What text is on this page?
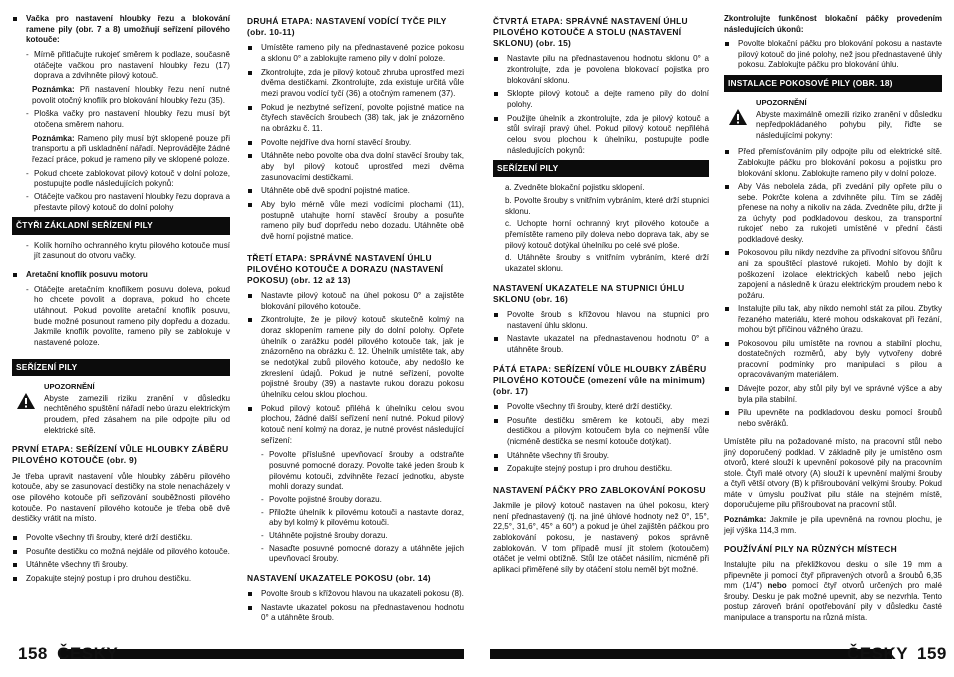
Vačka pro nastavení hloubky řezu a blokování ramene pily (obr. 7 a 8) umožňují seřízení pilového kotouče:
- Mírně přitlačujte rukojeť směrem k podlaze, současně otáčejte vačkou pro nastavení hloubky řezu (17) doprava a zdvihněte pilový kotouč.
Poznámka: Při nastavení hloubky řezu není nutné povolit otočný knoflík pro blokování hloubky řezu (35).
- Ploška vačky pro nastavení hloubky řezu musí být otočena směrem nahoru.
Poznámka: Rameno pily musí být sklopené pouze při transportu a při uskladnění nářadí. Neprovádějte žádné řezací práce, pokud je rameno pily ve sklopené poloze.
- Pokud chcete zablokovat pilový kotouč v dolní poloze, postupujte podle následujících pokynů:
- Otáčejte vačkou pro nastavení hloubky řezu doprava a přestavte pilový kotouč do dolní polohy
ČTYŘI ZÁKLADNÍ SEŘÍZENÍ PILY
- Kolík horního ochranného krytu pilového kotouče musí jít zasunout do otvoru vačky.
Aretační knoflík posuvu motoru
- Otáčejte aretačním knoflíkem posuvu doleva, pokud ho chcete povolit a doprava, pokud ho chcete utáhnout. Pokud povolíte aretační knoflík posuvu, bude možné posunout rameno pily dopředu a dozadu. Jakmile knoflík povolíte, rameno pily se zablokuje v nastavené poloze.
SEŘÍZENÍ PILY
UPOZORNĚNÍ
Abyste zamezili riziku zranění v důsledku nechtěného spuštění nářadí nebo úrazu elektrickým proudem, před zásahem na pile odpojte pilu od elektrické sítě.
PRVNÍ ETAPA: SEŘÍZENÍ VŮLE HLOUBKY ZÁBĚRU PILOVÉHO KOTOUČE (obr. 9)
Je třeba upravit nastavení vůle hloubky záběru pilového kotouče, aby se zasunovací destičky na stole nenacházely v ose pilového kotouče při seřizování souběžnosti pilového kotouče. Po nastavení pilového kotouče je třeba obě dvě destičky vrátit na místo.
Povolte všechny tři šrouby, které drží destičku.
Posuňte destičku co možná nejdále od pilového kotouče.
Utáhněte všechny tři šrouby.
Zopakujte stejný postup i pro druhou destičku.
DRUHÁ ETAPA: NASTAVENÍ VODÍCÍ TYČE PILY (obr. 10-11)
Umístěte rameno pily na přednastavené pozice pokosu a sklonu 0° a zablokujte rameno pily v dolní poloze.
Zkontrolujte, zda je pilový kotouč zhruba uprostřed mezi dvěma destičkami. Zkontrolujte, zda existuje určitá vůle mezi pravou vodící tyčí (36) a otočným ramenem (37).
Pokud je nezbytné seřízení, povolte pojistné matice na čtyřech stavěcích šroubech (38) tak, jak je znázorněno na obrázku č. 11.
Povolte nejdříve dva horní stavěcí šrouby.
Utáhněte nebo povolte oba dva dolní stavěcí šrouby tak, aby byl pilový kotouč uprostřed mezi dvěma zasunovacími destičkami.
Utáhněte obě dvě spodní pojistné matice.
Aby bylo mérně vůle mezi vodícími plochami (11), postupně utahujte horní stavěcí šrouby a posuňte rameno pily buď doprředu nebo dozadu. Utáhněte obě dvě horní pojistné matice.
TŘETÍ ETAPA: SPRÁVNÉ NASTAVENÍ ÚHLU PILOVÉHO KOTOUČE A DORAZU (NASTAVENÍ POKOSU) (obr. 12 až 13)
Nastavte pilový kotouč na úhel pokosu 0° a zajistěte blokování pilového kotouče.
Zkontrolujte, že je pilový kotouč skutečně kolmý na doraz sklopením ramene pily do dolní polohy. Opřete úhelník o zarážku podél pilového kotouče tak, jak je znázorněno na obrázku č. 12. Úhelník umístěte tak, aby se nedotýkal zubů pilového kotouče, aby nedošlo ke zkreslení údajů. Pokud je nutné seřízení, povolte pojistné šrouby (39) a nastavte rukou dorazu pokosu úhelníku celou sklou plochou.
Pokud pilový kotouč přiléhá k úhelníku celou svou plochou, žádné další seřízení není nutné. Pokud pilový kotouč není kolmý na doraz, je nutné provést následující seřízení:
- Povolte příslušné upevňovací šrouby a odstraňte posuvné pomocné dorazy. Povolte také jeden šroub k pilovému kotouči, zdvihněte řezací jednotku, abyste mohli dorazy sundat.
- Povolte pojistné šrouby dorazu.
- Přiložte úhelník k pilovému kotouči a nastavte doraz, aby byl kolmý k pilovému kotouči.
- Utáhněte pojistné šrouby dorazu.
- Nasaďte posuvné pomocné dorazy a utáhněte jejich upevňovací šrouby.
NASTAVENÍ UKAZATELE POKOSU (obr. 14)
Povolte šroub s křížovou hlavou na ukazateli pokosu (8).
Nastavte ukazatel pokosu na přednastavenou hodnotu 0° a utáhněte šroub.
158 ČESKY
ČTVRTÁ ETAPA: SPRÁVNÉ NASTAVENÍ ÚHLU PILOVÉHO KOTOUČE A STOLU (NASTAVENÍ SKLONU) (obr. 15)
Nastavte pilu na přednastavenou hodnotu sklonu 0° a zkontrolujte, zda je povolena blokovací pojistka pro blokování sklonu.
Sklopte pilový kotouč a dejte rameno pily do dolní polohy.
Použijte úhelník a zkontrolujte, zda je pilový kotouč a stůl svírají pravý úhel. Pokud pilový kotouč nepřiléhá celou svou plochou k úhelníku, postupujte podle následujících pokynů:
SEŘÍZENÍ PILY
a. Zvedněte blokační pojistku sklopení.
b. Povolte šrouby s vnitřním vybráním, které drží stupnici sklonu.
c. Uchopte horní ochranný kryt pilového kotouče a přemístěte rameno pily doleva nebo doprava tak, aby se pilový kotouč dotýkal úhelníku po celé své ploše.
d. Utáhněte šrouby s vnitřním vybráním, které drží ukazatel sklonu.
NASTAVENÍ UKAZATELE NA STUPNICI ÚHLU SKLONU (obr. 16)
Povolte šroub s křížovou hlavou na stupnici pro nastavení úhlu sklonu.
Nastavte ukazatel na přednastavenou hodnotu 0° a utáhněte šroub.
PÁTÁ ETAPA: SEŘÍZENÍ VŮLE HLOUBKY ZÁBĚRU PILOVÉHO KOTOUČE (omezení vůle na minimum) (obr. 17)
Povolte všechny tři šrouby, které drží destičky.
Posuňte destičku směrem ke kotouči, aby mezi destičkou a pilovým kotoučem byla co nejmenší vůle (nicméně destička se nesmí kotouče dotýkat).
Utáhněte všechny tři šrouby.
Zopakujte stejný postup i pro druhou destičku.
NASTAVENÍ PÁČKY PRO ZABLOKOVÁNÍ POKOSU
Jakmile je pilový kotouč nastaven na úhel pokosu, který není přednastavený (tj. na jiné úhlové hodnoty než 0°, 15°, 22,5°, 31,6°, 45° a 60°) a pokud je úhel zajištěn páčkou pro zablokování pokosu, je nastavený pokos správně zablokován. V tom případě musí jít stolem (kotoučem) otáčet je velmi obtížně. Stůl lze otáčet násilím, nicméně při aplikaci přiměřené síly by otáčení stolu neměl být možné.
Zkontrolujte funkčnost blokační páčky provedením následujících úkonů:
Povolte blokační páčku pro blokování pokosu a nastavte pilový kotouč do jiné polohy, než jsou přednastavené úhly pokosu. Zablokujte páčku pro blokování úhlu.
INSTALACE POKOSOVÉ PILY (OBR. 18)
UPOZORNĚNÍ
Abyste maximálně omezili riziko zranění v důsledku nepředpokládaného pohybu pily, řiďte se následujícími pokyny:
Před přemísťováním pily odpojte pilu od elektrické sítě. Zablokujte páčku pro blokování pokosu a pojistku pro blokování sklonu. Zablokujte rameno pily v dolní poloze.
Aby Vás nebolela záda, při zvedání pily opřete pilu o sebe. Pokrčte kolena a zdvihněte pilu. Tím se záděj přenese na nohy a nikoliv na záda. Zvedněte pilu, držte ji za úchyty pod podkladovou deskou, za transportní rukojeť nebo za rukojeti umístěné v přední části podkladové desky.
Pokosovou pilu nikdy nezdvihe za přívodní síťovou šňůru ani za spouštěcí plastové rukojeti. Mohlo by dojít k poškození izolace elektrických kabelů nebo jejich zapojení a následně k úrazu elektrickým proudem nebo k požáru.
Instalujte pilu tak, aby nikdo nemohl stát za pilou. Zbytky řezaného materiálu, které mohou odskakovat při řezání, mohou být příčinou vážného úrazu.
Pokosovou pilu umístěte na rovnou a stabilní plochu, dostatečných rozměrů, aby byly vytvořeny dobré pracovní podmínky pro manipulaci s pilou a opracovávaným materiálem.
Dávejte pozor, aby stůl pily byl ve správné výšce a aby byla pila stabilní.
Pilu upevněte na podkladovou desku pomocí šroubů nebo svěráků.
Umístěte pilu na požadované místo, na pracovní stůl nebo jiný doporučený podklad. V základně pily je umístěno osm otvorů, které slouží k upevnění pokosové pily na pracovním stole. Čtyři malé otvory (A) slouží k upevnění malými šrouby a čtyři větší otvory (B) k přišroubování velkými šrouby. Pokud máte v úmyslu používat pilu stále na stejném místě, doporučujeme pilu přišroubovat na pracovní stůl.
Poznámka: Jakmile je pila upevněná na rovnou plochu, je její výška 114,3 mm.
POUŽÍVÁNÍ PILY NA RŮZNÝCH MÍSTECH
Instalujte pilu na překližkovou desku o síle 19 mm a připevněte ji pomocí čtyř připravených otvorů a šroubů 6,35 mm (1/4") nebo pomocí čtyř otvorů určených pro malé šrouby. Desku je pak možné upevnit, aby se nezvrhla. Tento postup zároveň brání opotřebování pily v důsledku časté manipulace a transportu na různá místa.
ČESKY 159
